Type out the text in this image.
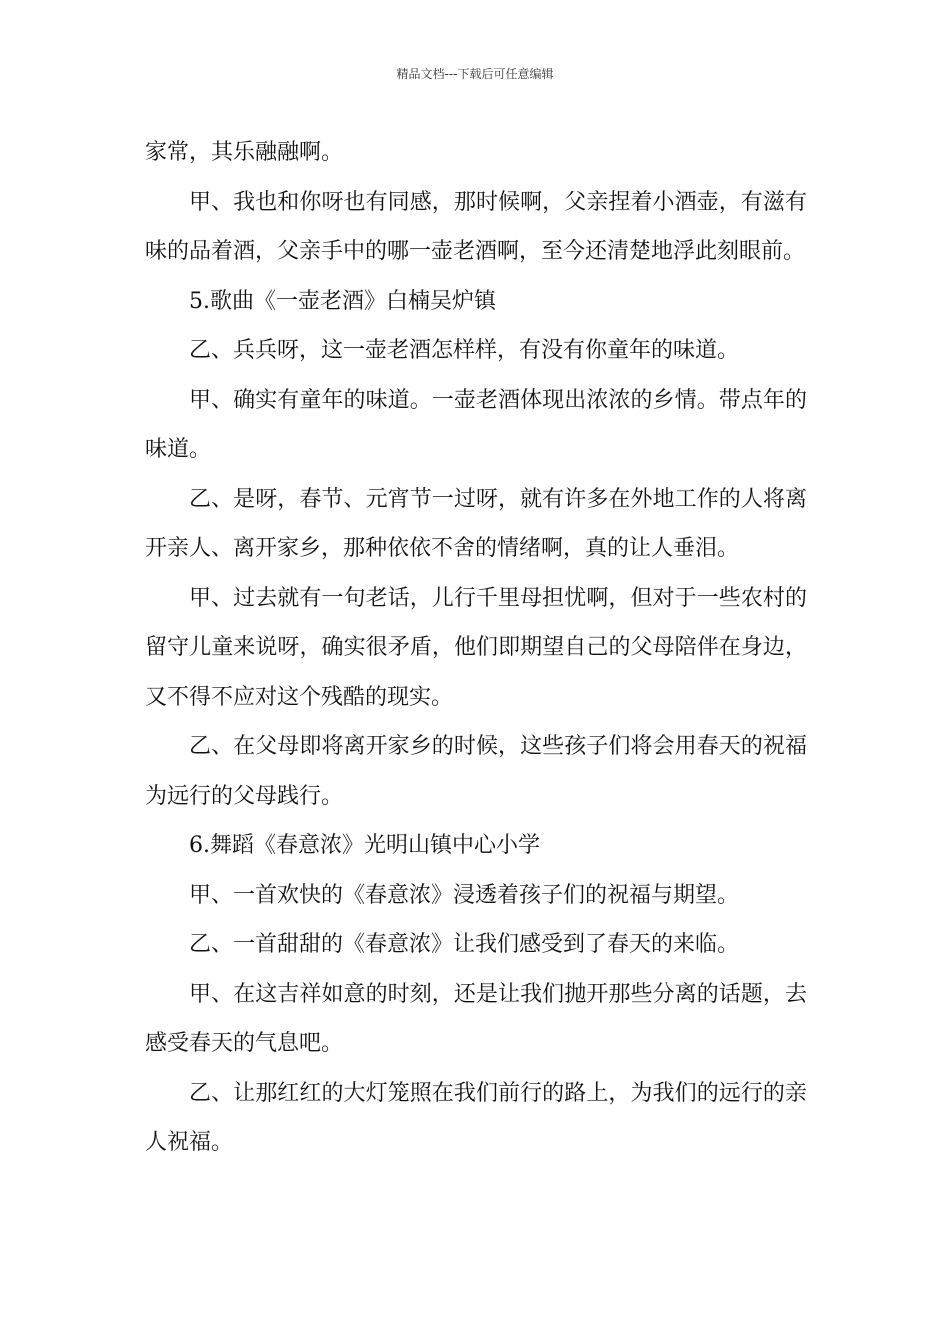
精品文档---下载后可任意编辑

家常，其乐融融啊。

甲、我也和你呀也有同感，那时候啊，父亲捏着小酒壶，有滋有味的品着酒，父亲手中的哪一壶老酒啊，至今还清楚地浮此刻眼前。

5.歌曲《一壶老酒》白楠吴炉镇

乙、兵兵呀，这一壶老酒怎样样，有没有你童年的味道。

甲、确实有童年的味道。一壶老酒体现出浓浓的乡情。带点年的味道。

乙、是呀，春节、元宵节一过呀，就有许多在外地工作的人将离开亲人、离开家乡，那种依依不舍的情绪啊，真的让人垂泪。

甲、过去就有一句老话，儿行千里母担忧啊，但对于一些农村的留守儿童来说呀，确实很矛盾，他们即期望自己的父母陪伴在身边，又不得不应对这个残酷的现实。

乙、在父母即将离开家乡的时候，这些孩子们将会用春天的祝福为远行的父母践行。

6.舞蹈《春意浓》光明山镇中心小学

甲、一首欢快的《春意浓》浸透着孩子们的祝福与期望。

乙、一首甜甜的《春意浓》让我们感受到了春天的来临。

甲、在这吉祥如意的时刻，还是让我们抛开那些分离的话题，去感受春天的气息吧。

乙、让那红红的大灯笼照在我们前行的路上，为我们的远行的亲人祝福。
